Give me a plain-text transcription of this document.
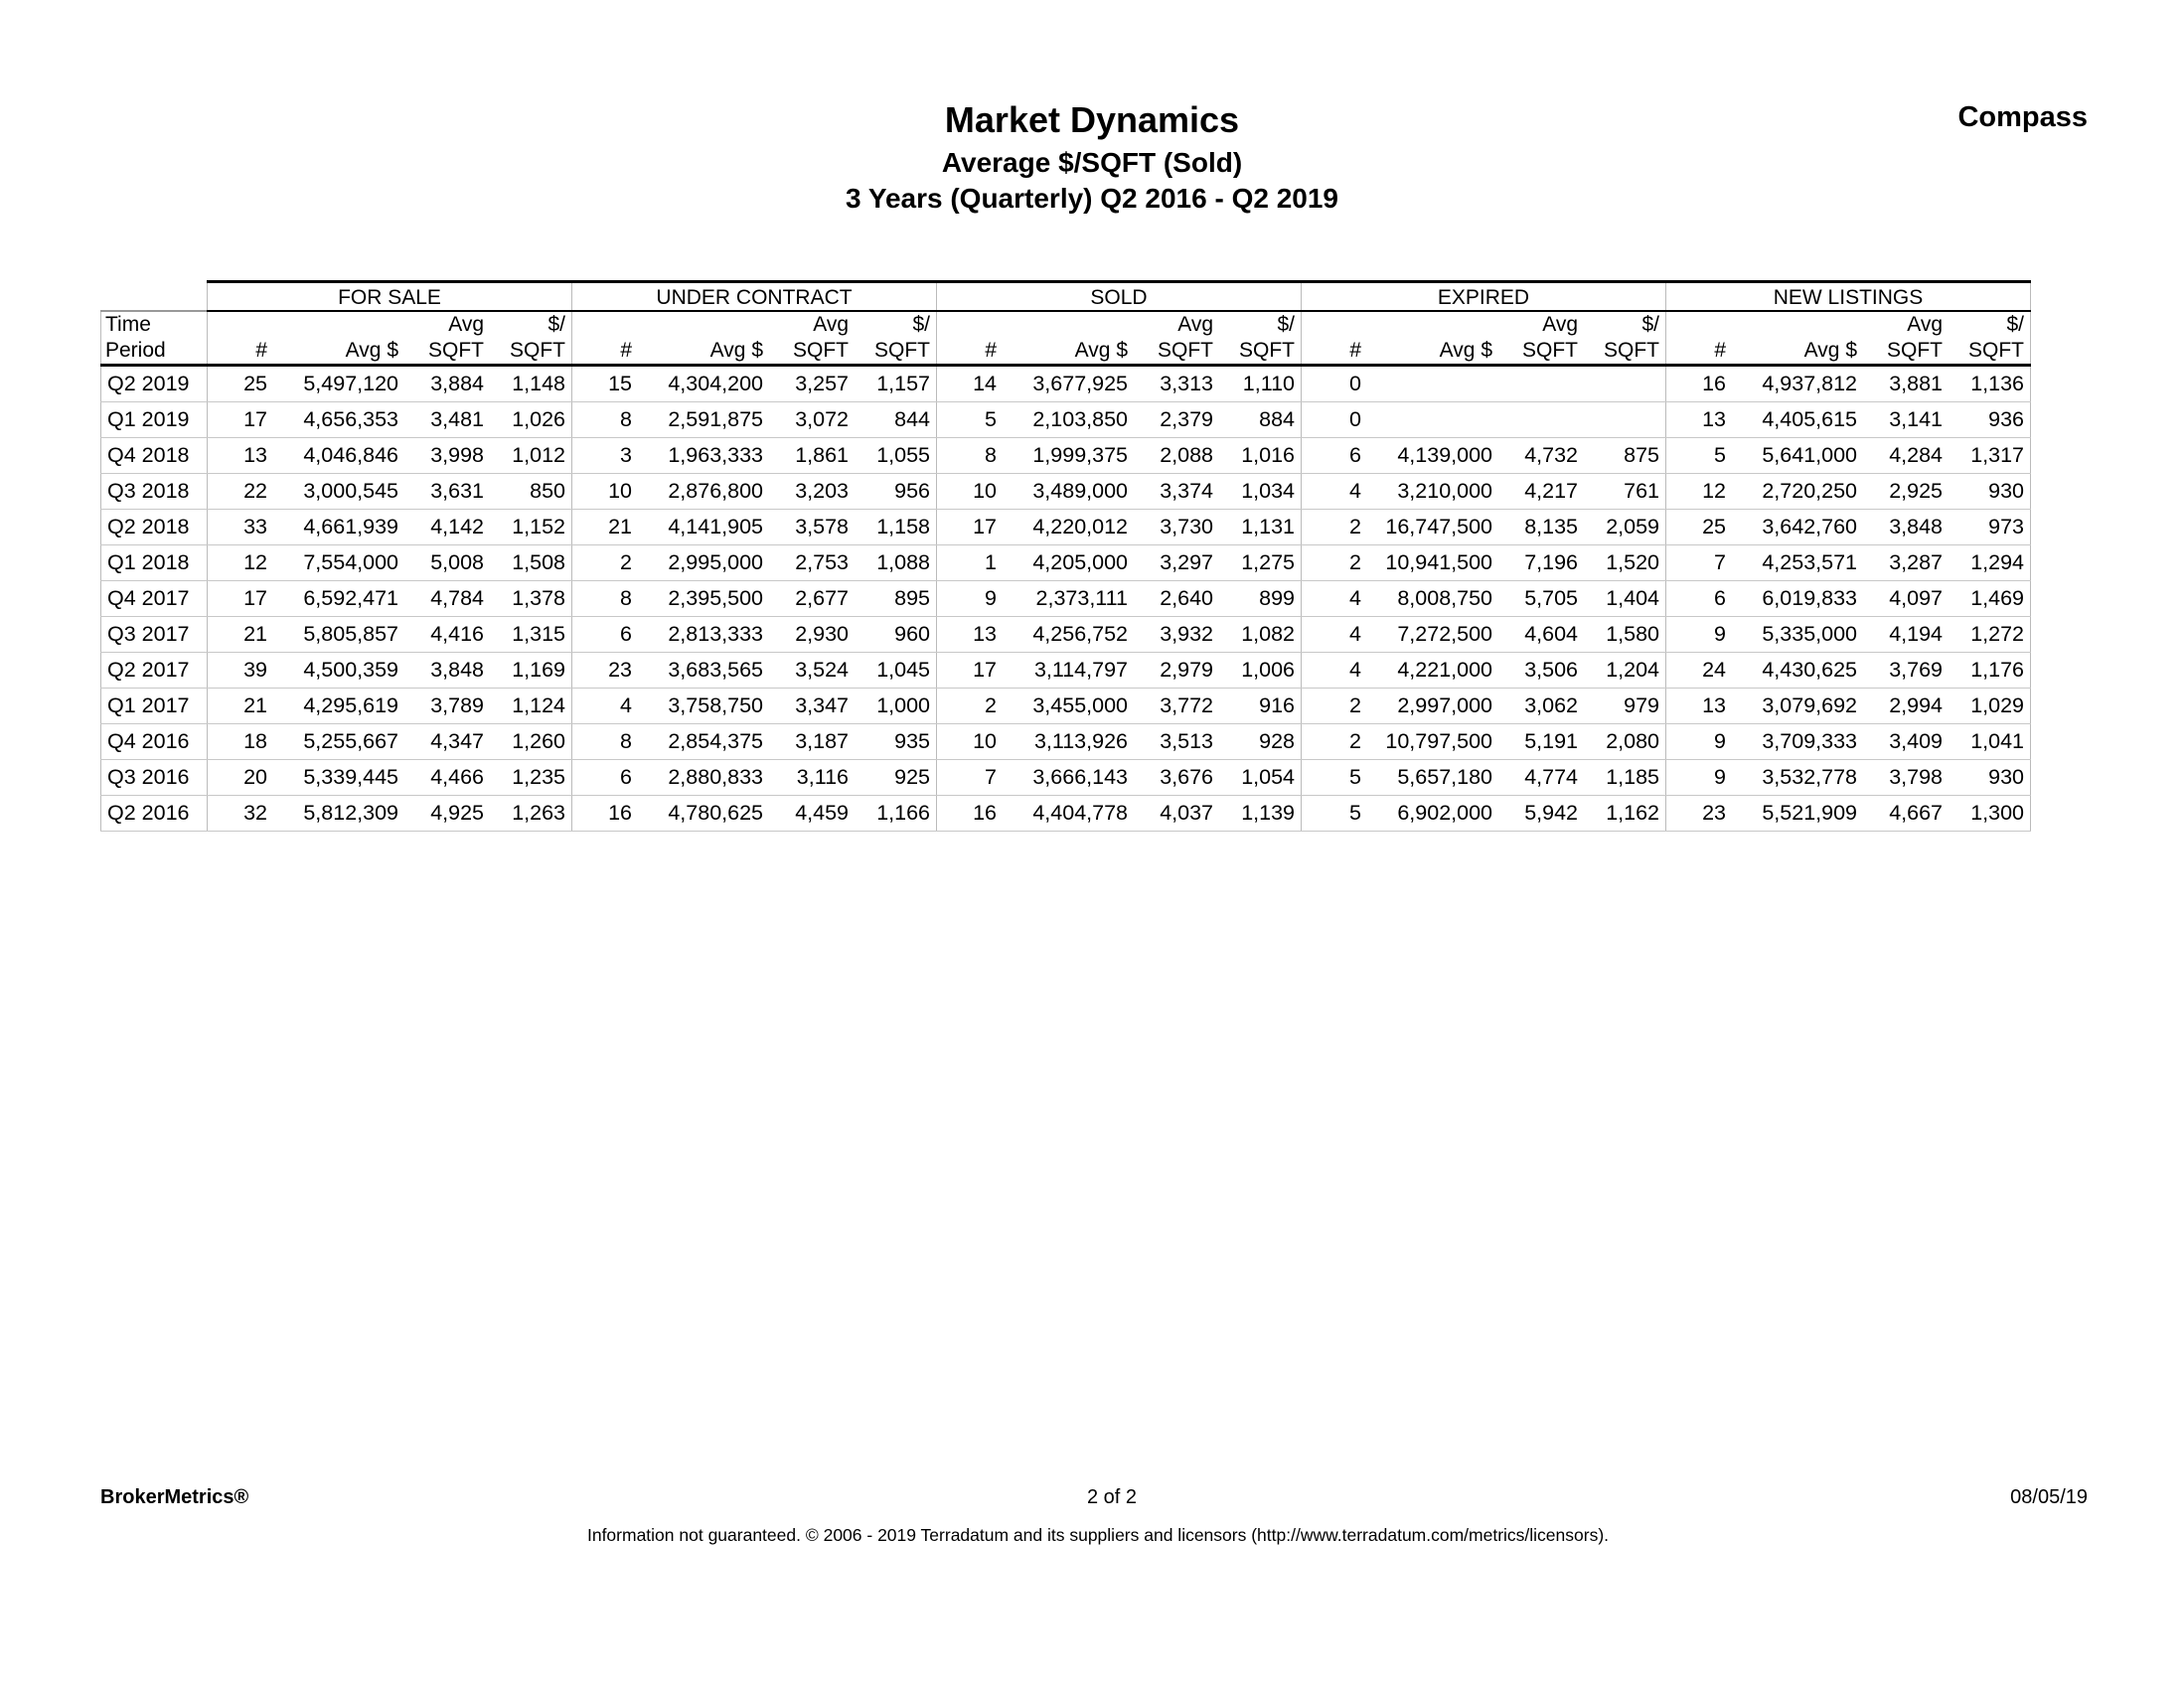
Market Dynamics
Average $/SQFT (Sold)
3 Years (Quarterly) Q2 2016 - Q2 2019
Compass
	FOR SALE				UNDER CONTRACT				SOLD				EXPIRED				NEW LISTINGS			
Time			Avg	$/			Avg	$/			Avg	$/			Avg	$/			Avg	$/
Period	#	Avg $	SQFT	SQFT	#	Avg $	SQFT	SQFT	#	Avg $	SQFT	SQFT	#	Avg $	SQFT	SQFT	#	Avg $	SQFT	SQFT
Q2 2019	25	5,497,120	3,884	1,148	15	4,304,200	3,257	1,157	14	3,677,925	3,313	1,110	0				16	4,937,812	3,881	1,136
Q1 2019	17	4,656,353	3,481	1,026	8	2,591,875	3,072	844	5	2,103,850	2,379	884	0				13	4,405,615	3,141	936
Q4 2018	13	4,046,846	3,998	1,012	3	1,963,333	1,861	1,055	8	1,999,375	2,088	1,016	6	4,139,000	4,732	875	5	5,641,000	4,284	1,317
Q3 2018	22	3,000,545	3,631	850	10	2,876,800	3,203	956	10	3,489,000	3,374	1,034	4	3,210,000	4,217	761	12	2,720,250	2,925	930
Q2 2018	33	4,661,939	4,142	1,152	21	4,141,905	3,578	1,158	17	4,220,012	3,730	1,131	2	16,747,500	8,135	2,059	25	3,642,760	3,848	973
Q1 2018	12	7,554,000	5,008	1,508	2	2,995,000	2,753	1,088	1	4,205,000	3,297	1,275	2	10,941,500	7,196	1,520	7	4,253,571	3,287	1,294
Q4 2017	17	6,592,471	4,784	1,378	8	2,395,500	2,677	895	9	2,373,111	2,640	899	4	8,008,750	5,705	1,404	6	6,019,833	4,097	1,469
Q3 2017	21	5,805,857	4,416	1,315	6	2,813,333	2,930	960	13	4,256,752	3,932	1,082	4	7,272,500	4,604	1,580	9	5,335,000	4,194	1,272
Q2 2017	39	4,500,359	3,848	1,169	23	3,683,565	3,524	1,045	17	3,114,797	2,979	1,006	4	4,221,000	3,506	1,204	24	4,430,625	3,769	1,176
Q1 2017	21	4,295,619	3,789	1,124	4	3,758,750	3,347	1,000	2	3,455,000	3,772	916	2	2,997,000	3,062	979	13	3,079,692	2,994	1,029
Q4 2016	18	5,255,667	4,347	1,260	8	2,854,375	3,187	935	10	3,113,926	3,513	928	2	10,797,500	5,191	2,080	9	3,709,333	3,409	1,041
Q3 2016	20	5,339,445	4,466	1,235	6	2,880,833	3,116	925	7	3,666,143	3,676	1,054	5	5,657,180	4,774	1,185	9	3,532,778	3,798	930
Q2 2016	32	5,812,309	4,925	1,263	16	4,780,625	4,459	1,166	16	4,404,778	4,037	1,139	5	6,902,000	5,942	1,162	23	5,521,909	4,667	1,300
BrokerMetrics®	2 of 2	08/05/19
Information not guaranteed. © 2006 - 2019 Terradatum and its suppliers and licensors (http://www.terradatum.com/metrics/licensors).
